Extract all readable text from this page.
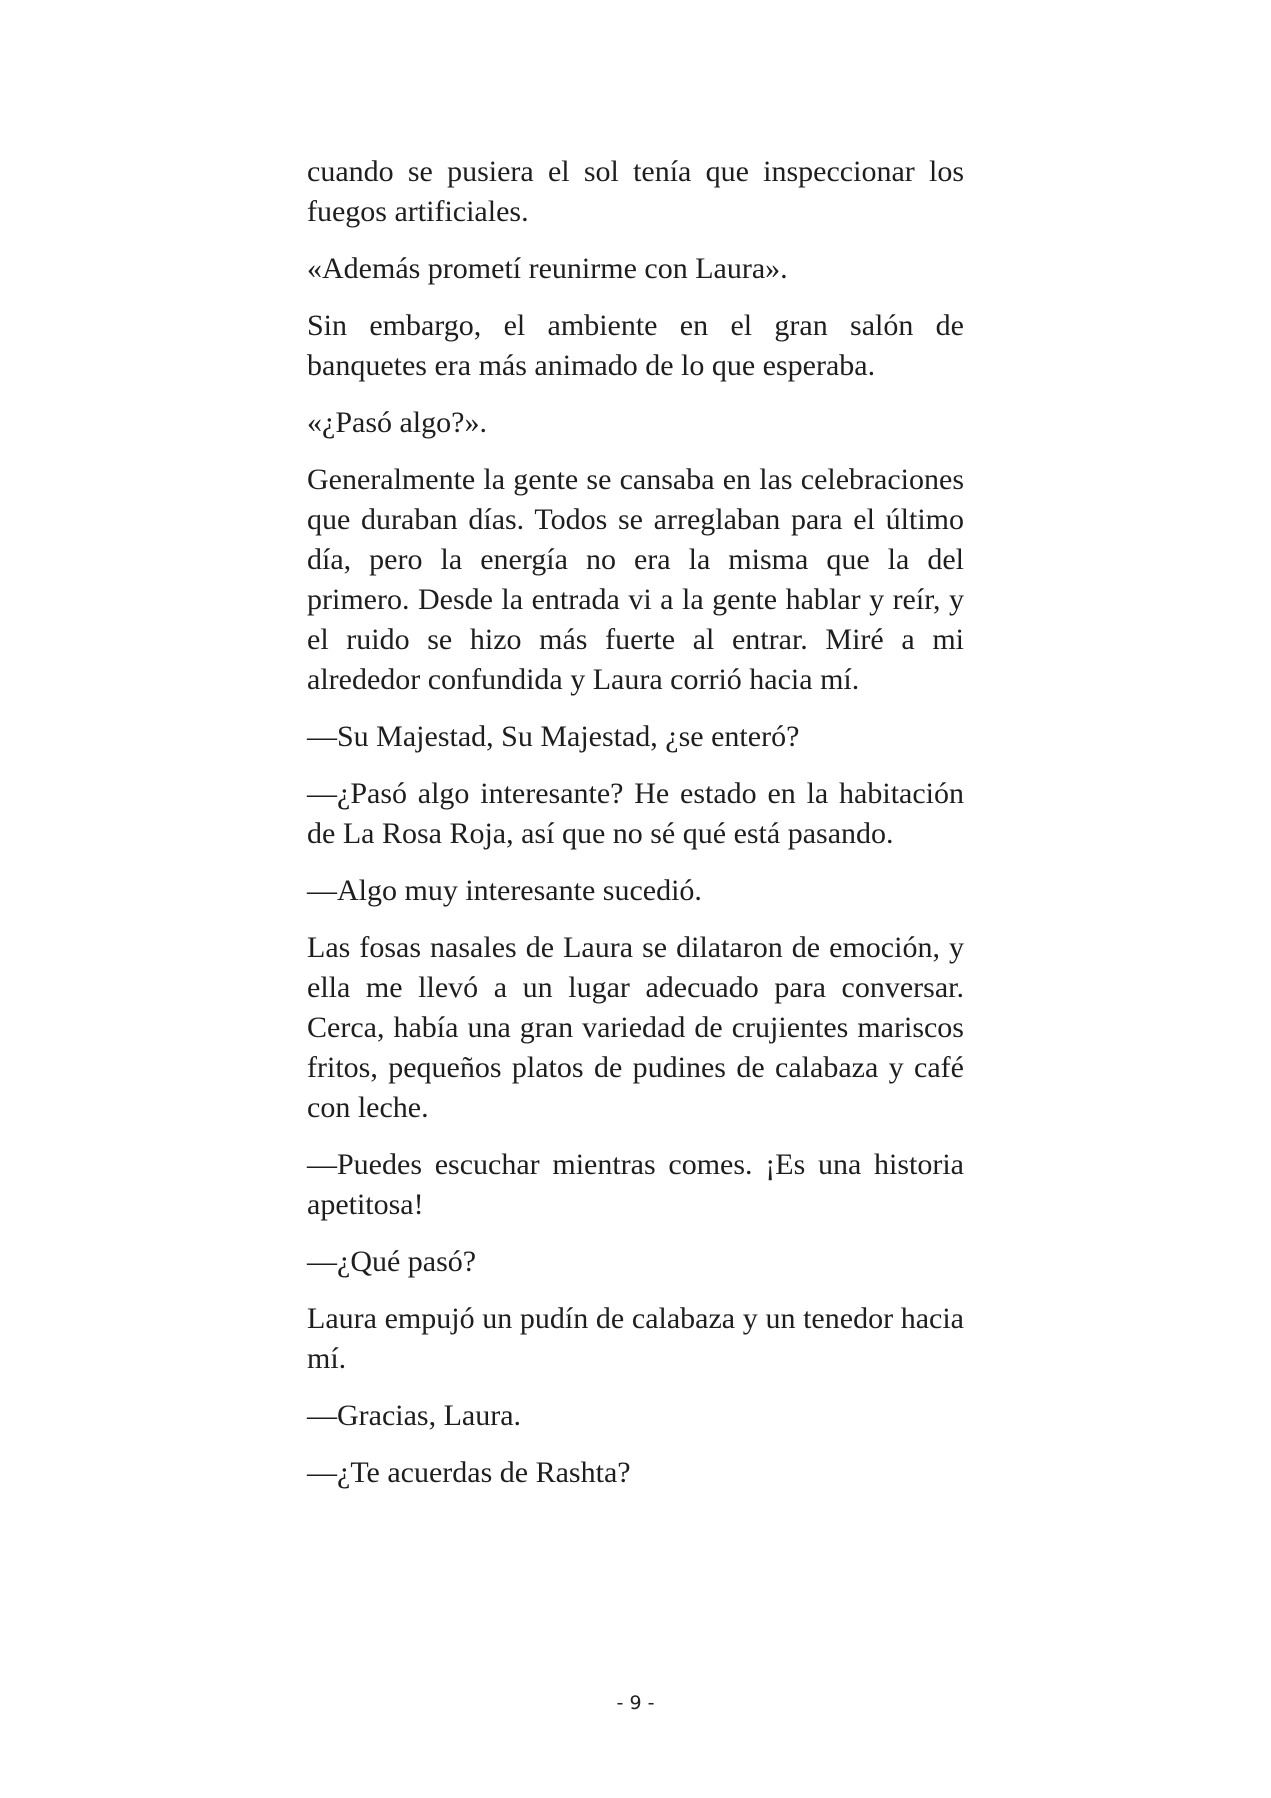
cuando se pusiera el sol tenía que inspeccionar los fuegos artificiales.

«Además prometí reunirme con Laura».

Sin embargo, el ambiente en el gran salón de banquetes era más animado de lo que esperaba.

«¿Pasó algo?».

Generalmente la gente se cansaba en las celebraciones que duraban días. Todos se arreglaban para el último día, pero la energía no era la misma que la del primero. Desde la entrada vi a la gente hablar y reír, y el ruido se hizo más fuerte al entrar. Miré a mi alrededor confundida y Laura corrió hacia mí.

—Su Majestad, Su Majestad, ¿se enteró?

—¿Pasó algo interesante? He estado en la habitación de La Rosa Roja, así que no sé qué está pasando.

—Algo muy interesante sucedió.

Las fosas nasales de Laura se dilataron de emoción, y ella me llevó a un lugar adecuado para conversar. Cerca, había una gran variedad de crujientes mariscos fritos, pequeños platos de pudines de calabaza y café con leche.

—Puedes escuchar mientras comes. ¡Es una historia apetitosa!

—¿Qué pasó?

Laura empujó un pudín de calabaza y un tenedor hacia mí.

—Gracias, Laura.

—¿Te acuerdas de Rashta?

- 9 -
